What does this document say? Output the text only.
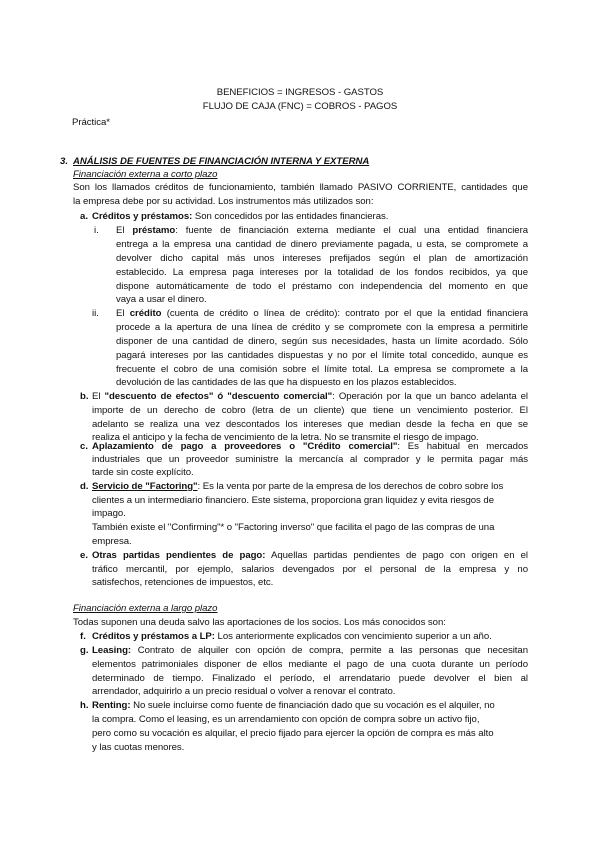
BENEFICIOS = INGRESOS - GASTOS
FLUJO DE CAJA (FNC) = COBROS - PAGOS
Práctica*
3. ANÁLISIS DE FUENTES DE FINANCIACIÓN INTERNA Y EXTERNA
Financiación externa a corto plazo
Son los llamados créditos de funcionamiento, también llamado PASIVO CORRIENTE, cantidades que
la empresa debe por su actividad. Los instrumentos más utilizados son:
a. Créditos y préstamos: Son concedidos por las entidades financieras.
i. El préstamo: fuente de financiación externa mediante el cual una entidad financiera
entrega a la empresa una cantidad de dinero previamente pagada, u esta, se compromete a
devolver dicho capital más unos intereses prefijados según el plan de amortización
establecido. La empresa paga intereses por la totalidad de los fondos recibidos, ya que
dispone automáticamente de todo el préstamo con independencia del momento en que
vaya a usar el dinero.
ii. El crédito (cuenta de crédito o línea de crédito): contrato por el que la entidad financiera
procede a la apertura de una línea de crédito y se compromete con la empresa a permitirle
disponer de una cantidad de dinero, según sus necesidades, hasta un límite acordado. Sólo
pagará intereses por las cantidades dispuestas y no por el límite total concedido, aunque es
frecuente el cobro de una comisión sobre el límite total. La empresa se compromete a la
devolución de las cantidades de las que ha dispuesto en los plazos establecidos.
b. El "descuento de efectos" ó "descuento comercial": Operación por la que un banco adelanta el
importe de un derecho de cobro (letra de un cliente) que tiene un vencimiento posterior. El
adelanto se realiza una vez descontados los intereses que median desde la fecha en que se
realiza el anticipo y la fecha de vencimiento de la letra. No se transmite el riesgo de impago.
c. Aplazamiento de pago a proveedores o "Crédito comercial": Es habitual en mercados
industriales que un proveedor suministre la mercancía al comprador y le permita pagar más
tarde sin coste explícito.
d. Servicio de "Factoring": Es la venta por parte de la empresa de los derechos de cobro sobre los
clientes a un intermediario financiero. Este sistema, proporciona gran liquidez y evita riesgos de
impago.
También existe el "Confirming"* o "Factoring inverso" que facilita el pago de las compras de una
empresa.
e. Otras partidas pendientes de pago: Aquellas partidas pendientes de pago con origen en el
tráfico mercantil, por ejemplo, salarios devengados por el personal de la empresa y no
satisfechos, retenciones de impuestos, etc.
Financiación externa a largo plazo
Todas suponen una deuda salvo las aportaciones de los socios. Los más conocidos son:
f. Créditos y préstamos a LP: Los anteriormente explicados con vencimiento superior a un año.
g. Leasing: Contrato de alquiler con opción de compra, permite a las personas que necesitan
elementos patrimoniales disponer de ellos mediante el pago de una cuota durante un período
determinado de tiempo. Finalizado el período, el arrendatario puede devolver el bien al
arrendador, adquirirlo a un precio residual o volver a renovar el contrato.
h. Renting: No suele incluirse como fuente de financiación dado que su vocación es el alquiler, no
la compra. Como el leasing, es un arrendamiento con opción de compra sobre un activo fijo,
pero como su vocación es alquilar, el precio fijado para ejercer la opción de compra es más alto
y las cuotas menores.
